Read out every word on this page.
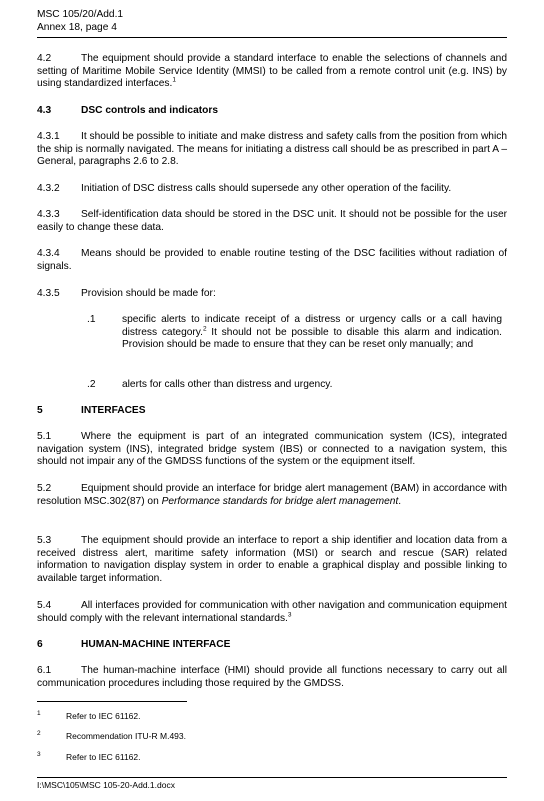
MSC 105/20/Add.1
Annex 18, page 4
4.2	The equipment should provide a standard interface to enable the selections of channels and setting of Maritime Mobile Service Identity (MMSI) to be called from a remote control unit (e.g. INS) by using standardized interfaces.$^1$
4.3	DSC controls and indicators
4.3.1 It should be possible to initiate and make distress and safety calls from the position from which the ship is normally navigated. The means for initiating a distress call should be as prescribed in part A – General, paragraphs 2.6 to 2.8.
4.3.2 Initiation of DSC distress calls should supersede any other operation of the facility.
4.3.3 Self-identification data should be stored in the DSC unit. It should not be possible for the user easily to change these data.
4.3.4 Means should be provided to enable routine testing of the DSC facilities without radiation of signals.
4.3.5 Provision should be made for:
.1	specific alerts to indicate receipt of a distress or urgency calls or a call having distress category.$^2$ It should not be possible to disable this alarm and indication. Provision should be made to ensure that they can be reset only manually; and
.2	alerts for calls other than distress and urgency.
5	INTERFACES
5.1	Where the equipment is part of an integrated communication system (ICS), integrated navigation system (INS), integrated bridge system (IBS) or connected to a navigation system, this should not impair any of the GMDSS functions of the system or the equipment itself.
5.2	Equipment should provide an interface for bridge alert management (BAM) in accordance with resolution MSC.302(87) on Performance standards for bridge alert management.
5.3	The equipment should provide an interface to report a ship identifier and location data from a received distress alert, maritime safety information (MSI) or search and rescue (SAR) related information to navigation display system in order to enable a graphical display and possible linking to available target information.
5.4	All interfaces provided for communication with other navigation and communication equipment should comply with the relevant international standards.$^3$
6	HUMAN-MACHINE INTERFACE
6.1	The human-machine interface (HMI) should provide all functions necessary to carry out all communication procedures including those required by the GMDSS.
1	Refer to IEC 61162.
2	Recommendation ITU-R M.493.
3	Refer to IEC 61162.
I:\MSC\105\MSC 105-20-Add.1.docx
